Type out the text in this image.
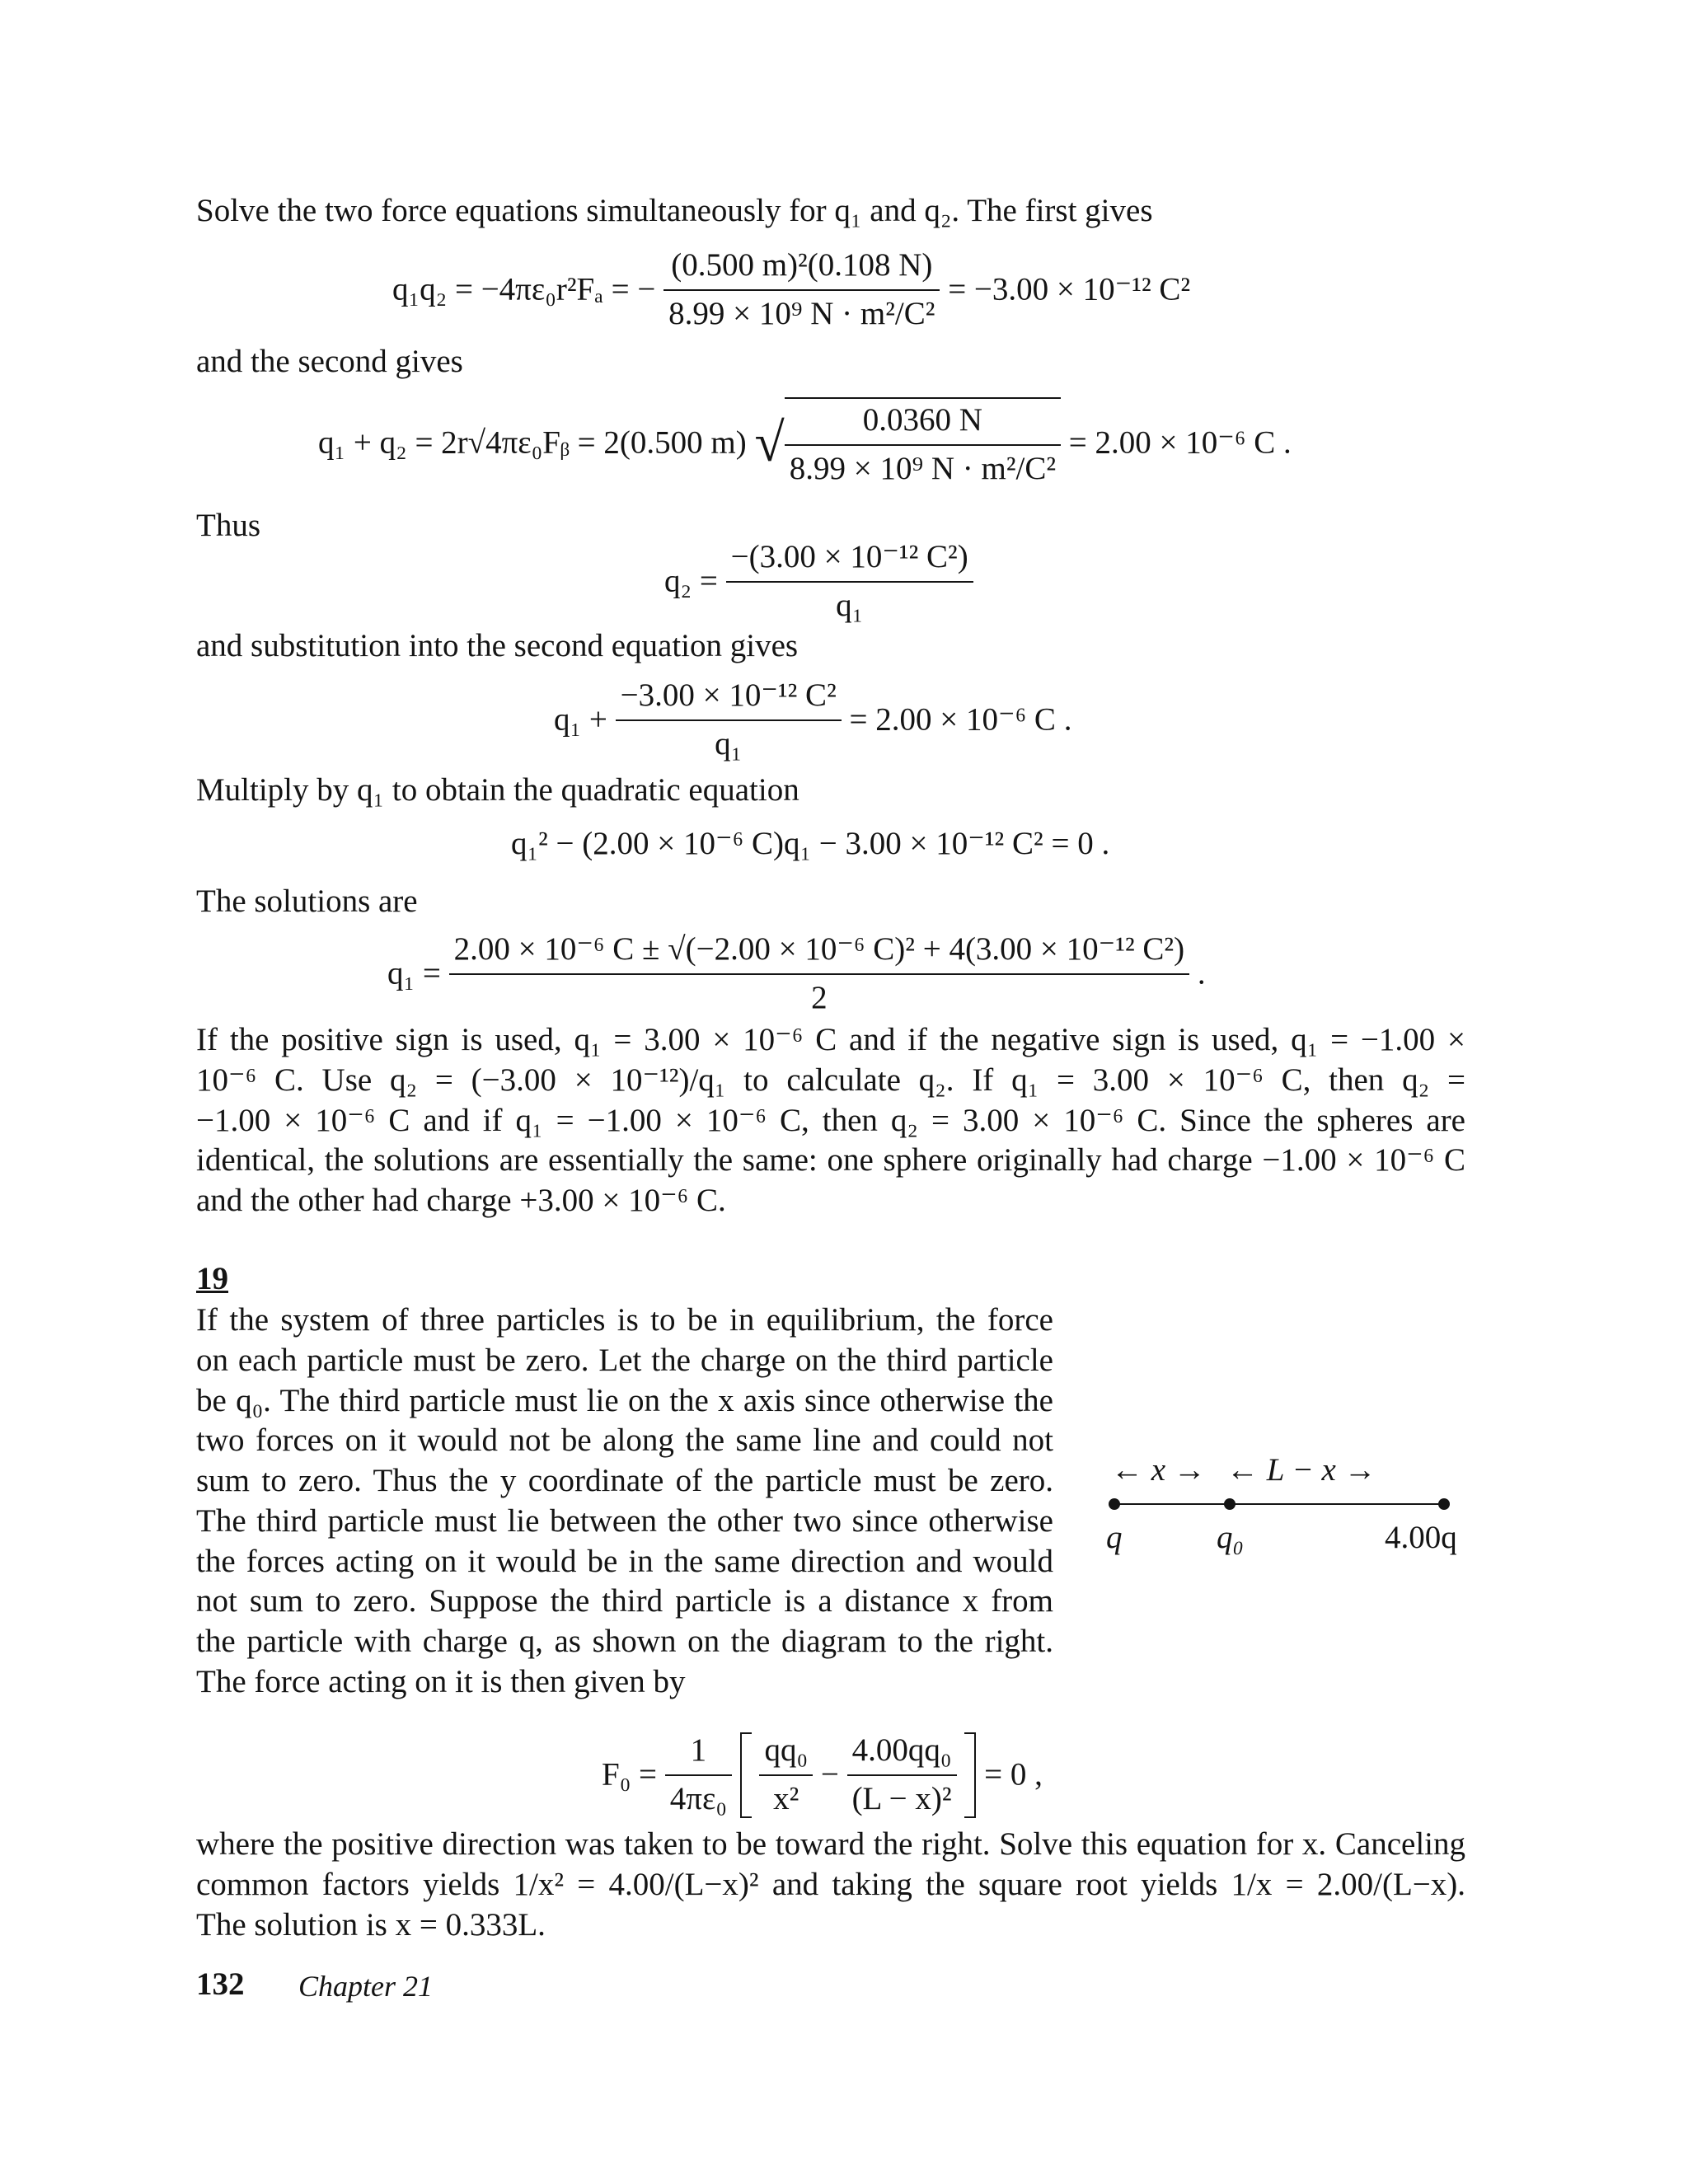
Solve the two force equations simultaneously for q₁ and q₂. The first gives
q₁q₂ = −4πε₀r²Fₐ = − $\frac{\text{(0.500 m)²(0.108 N)}}{\text{8.99 × 10⁹ N · m²/C²}} = -3.00 \times 10^{-12}$ C²
and the second gives
q₁ + q₂ = 2r√4πε₀Fᵦ = 2(0.500 m) √ $\frac{0.0360 N}{\text{8.99 × 10⁹ N · m²/C²}} = 2.00 \times 10^{-6}$ C .
Thus
$q_2 = \frac{\text{−(3.00 × 10⁻¹² C²)}}{\text{q₁}}$
and substitution into the second equation gives
$q_1 + \frac{\text{−3.00 × 10⁻¹² C²}}{\text{q₁}} = 2.00 \times 10^{-6}$ C .
Multiply by q₁ to obtain the quadratic equation
q₁² − (2.00 × 10⁻⁶ C)q₁ − 3.00 × 10⁻¹² C² = 0 .
The solutions are
$q_1 = \frac{\text{2.00 × 10⁻⁶ C ± √(−2.00 × 10⁻⁶ C)² + 4(3.00 × 10⁻¹² C²)}}{2}$ .
If the positive sign is used, q₁ = 3.00 × 10⁻⁶ C and if the negative sign is used, q₁ = −1.00 ×
10⁻⁶ C. Use q₂ = (−3.00 × 10⁻¹²)/q₁ to calculate q₂. If q₁ = 3.00 × 10⁻⁶ C, then q₂ =
−1.00 × 10⁻⁶ C and if q₁ = −1.00 × 10⁻⁶ C, then q₂ = 3.00 × 10⁻⁶ C. Since the spheres are
identical, the solutions are essentially the same: one sphere originally had charge −1.00 × 10⁻⁶ C
and the other had charge +3.00 × 10⁻⁶ C.
19
If the system of three particles is to be in equilibrium, the force
on each particle must be zero. Let the charge on the third particle
be q₀. The third particle must lie on the x axis since otherwise the
two forces on it would not be along the same line and could not
sum to zero. Thus the y coordinate of the particle must be zero.
The third particle must lie between the other two since otherwise
the forces acting on it would be in the same direction and would
not sum to zero. Suppose the third particle is a distance x from
the particle with charge q, as shown on the diagram to the right.
The force acting on it is then given by
← x → ← L − x →
q	q₀	4.00q
$F_0 = \frac{1}{\text{4πε₀}}$
$\frac{\text{qq₀}}{\text{x²}} - \frac{\text{4.00qq₀}}{\text{(L − x)²}} = 0$ ,
where the positive direction was taken to be toward the right. Solve this equation for x. Canceling
common factors yields 1/x² = 4.00/(L−x)² and taking the square root yields 1/x = 2.00/(L−x).
The solution is x = 0.333L.
132 Chapter 21
